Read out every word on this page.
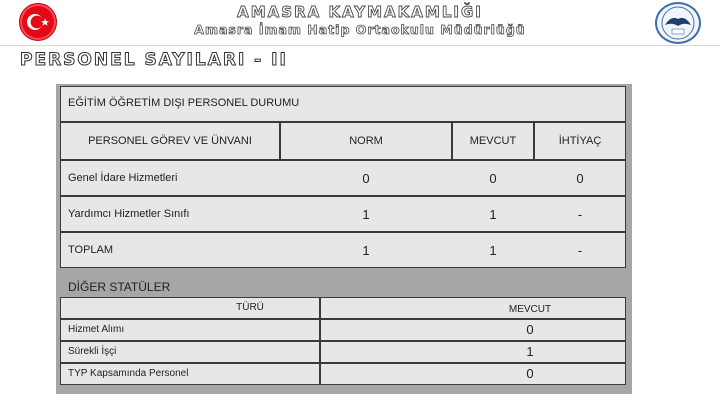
AMASRA KAYMAKAMLIĞI
Amasra İmam Hatip Ortaokulu Müdürlüğü
PERSONEL SAYILARI - II
EĞİTİM ÖĞRETİM DIŞI PERSONEL DURUMU
PERSONEL GÖREV VE ÜNVANI	NORM	MEVCUT	İHTİYAÇ
Genel İdare Hizmetleri	0	0	0
Yardımcı Hizmetler Sınıfı	1	1	-
TOPLAM	1	1	-
DİĞER STATÜLER
TÜRÜ	MEVCUT
Hizmet Alımı	0
Sürekli İşçi	1
TYP Kapsamında Personel	0
